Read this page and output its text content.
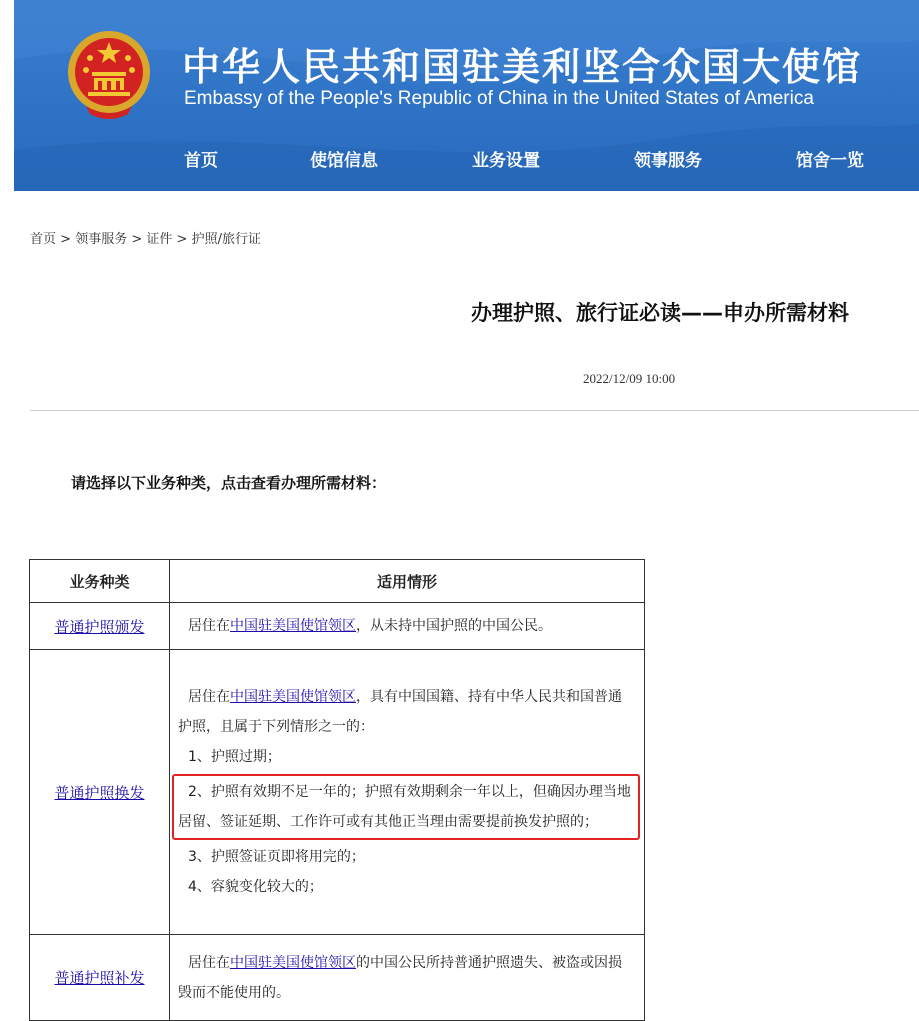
中华人民共和国驻美利坚合众国大使馆
Embassy of the People's Republic of China in the United States of America
首页	使馆信息	业务设置	领事服务	馆舍一览
首页 > 领事服务 > 证件 > 护照/旅行证
办理护照、旅行证必读——申办所需材料
2022/12/09 10:00
请选择以下业务种类，点击查看办理所需材料：
业务种类	适用情形
普通护照颁发	居住在中国驻美国使馆领区，从未持中国护照的中国公民。

普通护照换发	居住在中国驻美国使馆领区，具有中国国籍、持有中华人民共和国普通护照，且属于下列情形之一的：
1、护照过期；
2、护照有效期不足一年的；护照有效期剩余一年以上，但确因办理当地居留、签证延期、工作许可或有其他正当理由需要提前换发护照的；
3、护照签证页即将用完的；
4、容貌变化较大的；

普通护照补发	居住在中国驻美国使馆领区的中国公民所持普通护照遗失、被盗或因损毁而不能使用的。
